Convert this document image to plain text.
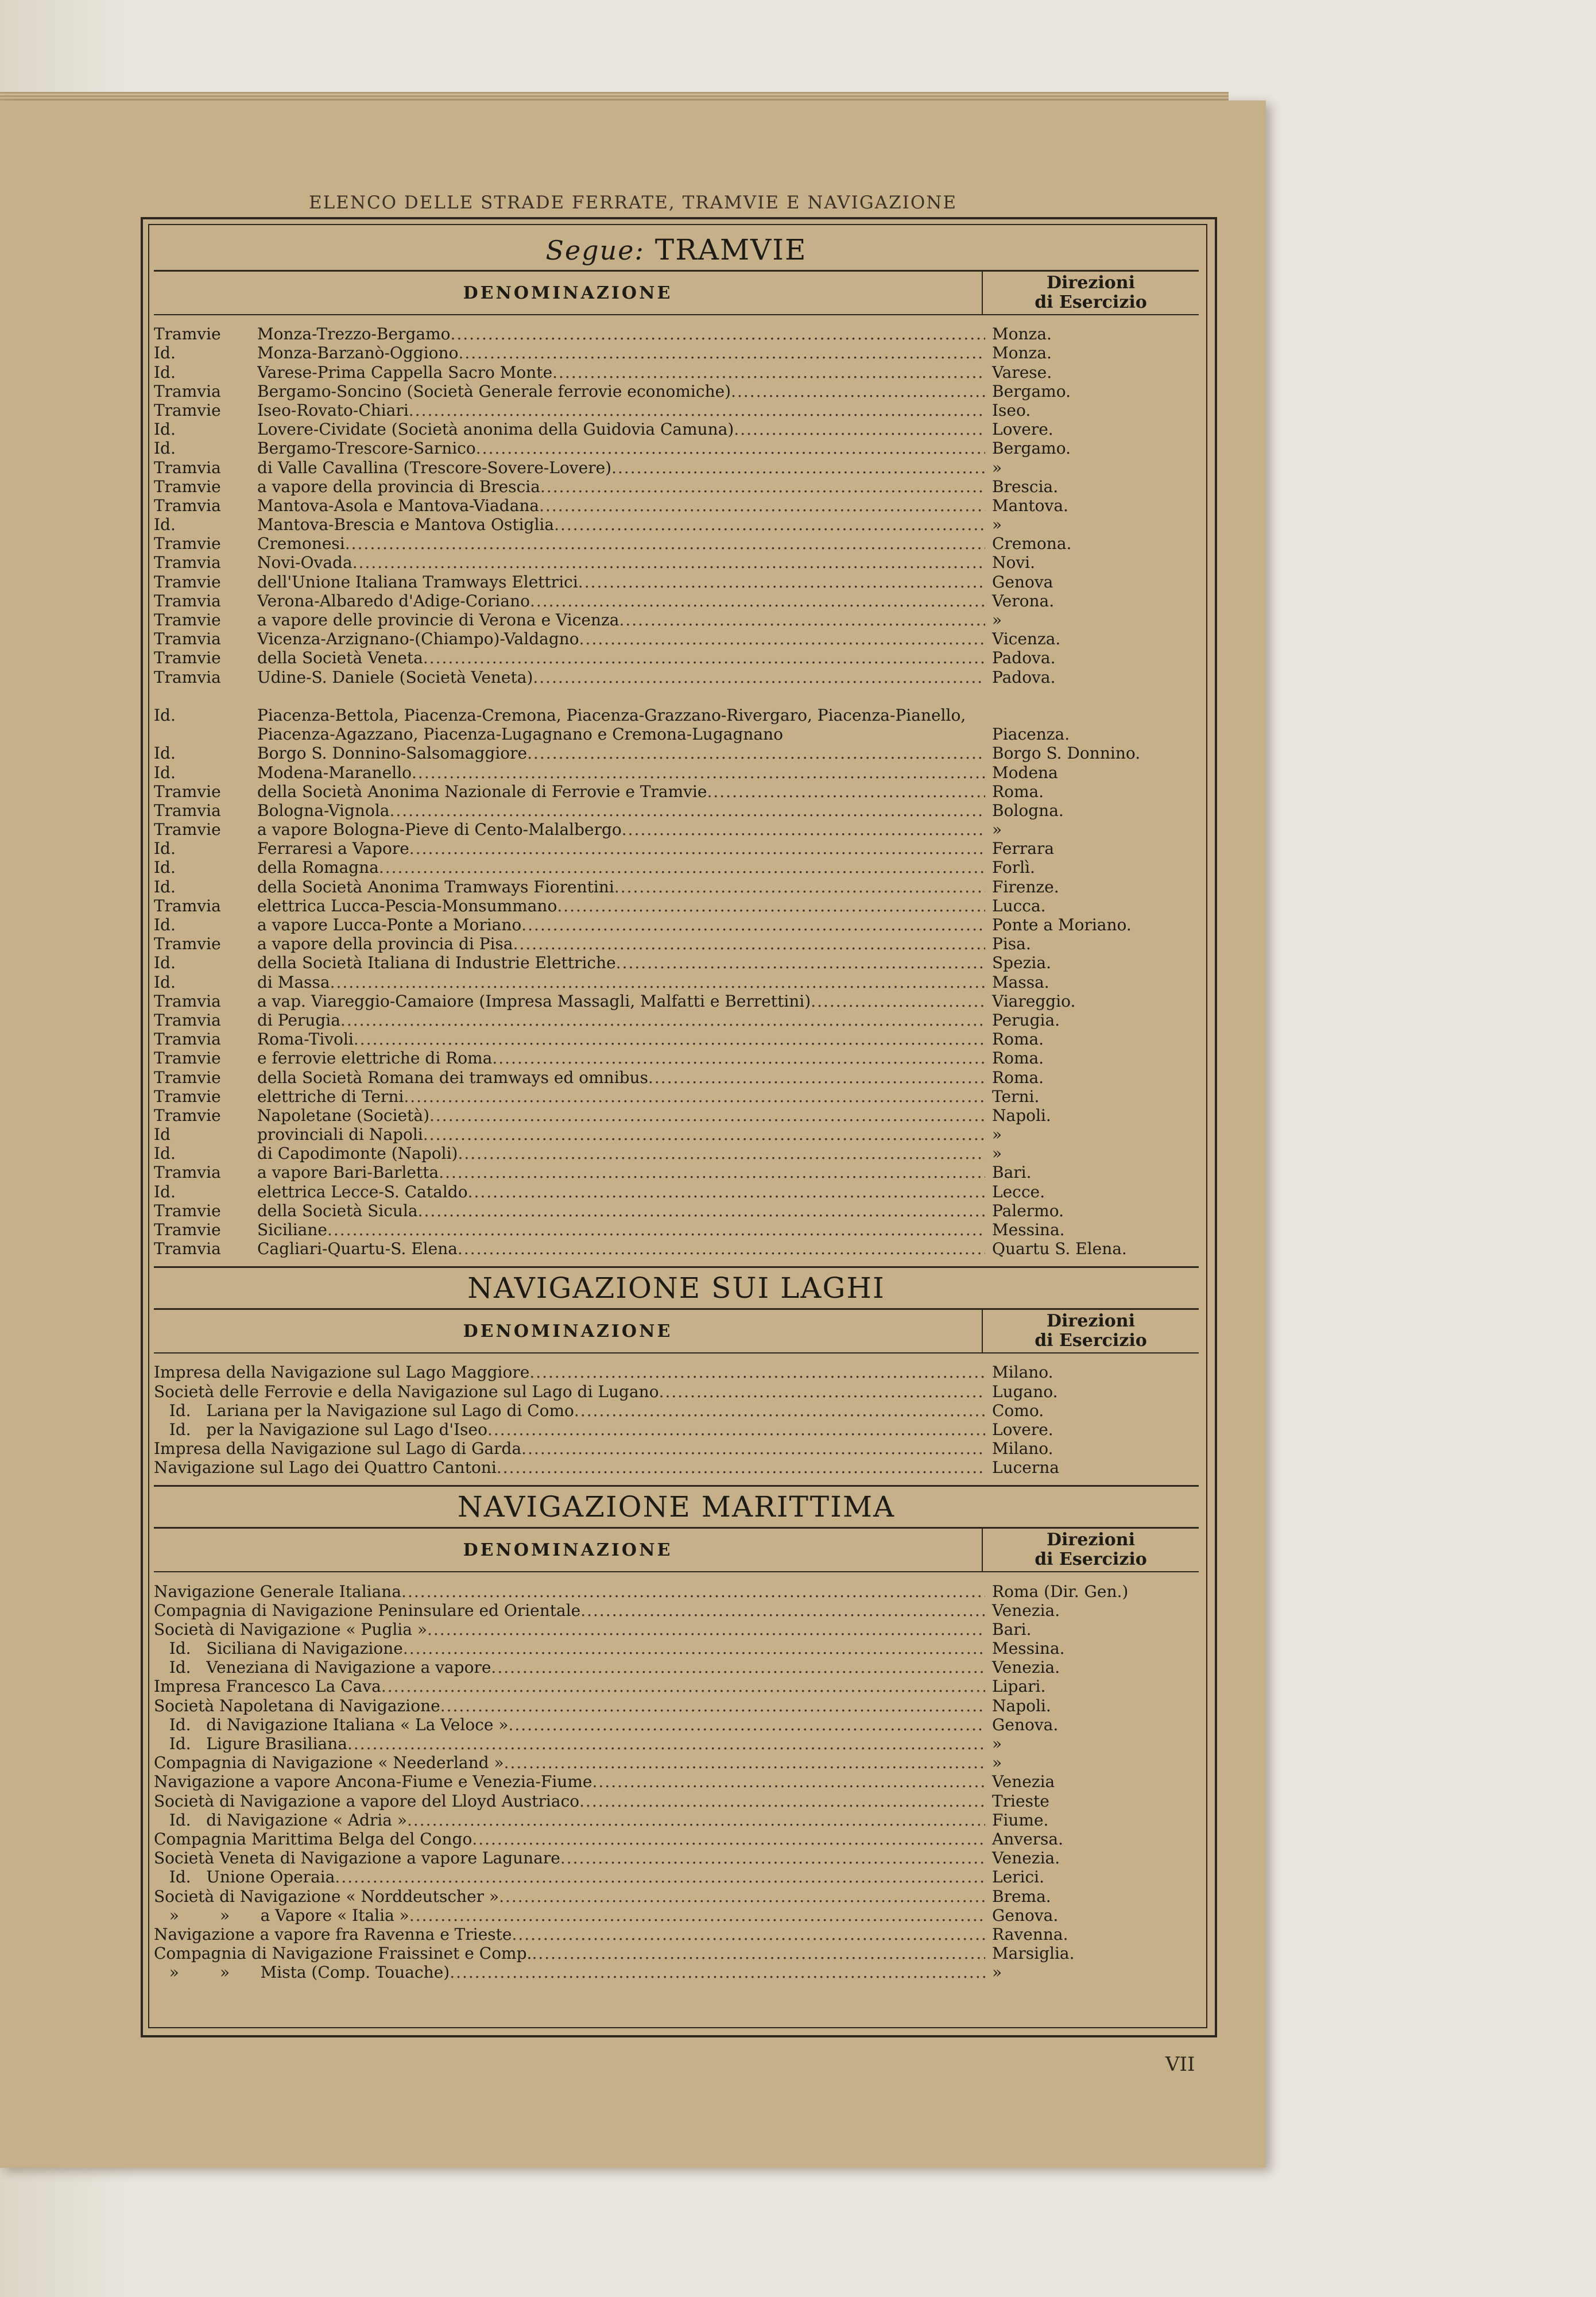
ELENCO DELLE STRADE FERRATE, TRAMVIE E NAVIGAZIONE
Segue: TRAMVIE
DENOMINAZIONE	Direzioni
di Esercizio
Tramvie	Monza-Trezzo-Bergamo .....	Monza.
Id.	Monza-Barzanò-Oggiono .....	Monza.
Id.	Varese-Prima Cappella Sacro Monte .....	Varese.
Tramvia	Bergamo-Soncino (Società Generale ferrovie economiche) .....	Bergamo.
Tramvie	Iseo-Rovato-Chiari .....	Iseo.
Id.	Lovere-Cividate (Società anonima della Guidovia Camuna) .....	Lovere.
Id.	Bergamo-Trescore-Sarnico .....	Bergamo.
Tramvia	di Valle Cavallina (Trescore-Sovere-Lovere) .....	»
Tramvie	a vapore della provincia di Brescia .....	Brescia.
Tramvia	Mantova-Asola e Mantova-Viadana .....	Mantova.
Id.	Mantova-Brescia e Mantova Ostiglia .....	»
Tramvie	Cremonesi .....	Cremona.
Tramvia	Novi-Ovada .....	Novi.
Tramvie	dell'Unione Italiana Tramways Elettrici .....	Genova
Tramvia	Verona-Albaredo d'Adige-Coriano .....	Verona.
Tramvie	a vapore delle provincie di Verona e Vicenza .....	»
Tramvia	Vicenza-Arzignano-(Chiampo)-Valdagno .....	Vicenza.
Tramvie	della Società Veneta .....	Padova.
Tramvia	Udine-S. Daniele (Società Veneta) .....	Padova.
Id.	Piacenza-Bettola, Piacenza-Cremona, Piacenza-Grazzano-Rivergaro, Piacenza-Pianello, Piacenza-Agazzano, Piacenza-Lugagnano e Cremona-Lugagnano	Piacenza.
Id.	Borgo S. Donnino-Salsomaggiore .....	Borgo S. Donnino.
Id.	Modena-Maranello .....	Modena
Tramvie	della Società Anonima Nazionale di Ferrovie e Tramvie .....	Roma.
Tramvia	Bologna-Vignola .....	Bologna.
Tramvie	a vapore Bologna-Pieve di Cento-Malalbergo .....	»
Id.	Ferraresi a Vapore .....	Ferrara
Id.	della Romagna .....	Forlì.
Id.	della Società Anonima Tramways Fiorentini .....	Firenze.
Tramvia	elettrica Lucca-Pescia-Monsummano .....	Lucca.
Id.	a vapore Lucca-Ponte a Moriano .....	Ponte a Moriano.
Tramvie	a vapore della provincia di Pisa .....	Pisa.
Id.	della Società Italiana di Industrie Elettriche .....	Spezia.
Id.	di Massa .....	Massa.
Tramvia	a vap. Viareggio-Camaiore (Impresa Massagli, Malfatti e Berrettini) .....	Viareggio.
Tramvia	di Perugia .....	Perugia.
Tramvia	Roma-Tivoli .....	Roma.
Tramvie	e ferrovie elettriche di Roma .....	Roma.
Tramvie	della Società Romana dei tramways ed omnibus .....	Roma.
Tramvie	elettriche di Terni .....	Terni.
Tramvie	Napoletane (Società) .....	Napoli.
Id	provinciali di Napoli .....	»
Id.	di Capodimonte (Napoli) .....	»
Tramvia	a vapore Bari-Barletta .....	Bari.
Id.	elettrica Lecce-S. Cataldo .....	Lecce.
Tramvie	della Società Sicula .....	Palermo.
Tramvie	Siciliane .....	Messina.
Tramvia	Cagliari-Quartu-S. Elena .....	Quartu S. Elena.
NAVIGAZIONE SUI LAGHI
DENOMINAZIONE	Direzioni
di Esercizio
Impresa della Navigazione sul Lago Maggiore .....	Milano.
Società delle Ferrovie e della Navigazione sul Lago di Lugano .....	Lugano.
Id.   Lariana per la Navigazione sul Lago di Como .....	Como.
Id.   per la Navigazione sul Lago d'Iseo .....	Lovere.
Impresa della Navigazione sul Lago di Garda .....	Milano.
Navigazione sul Lago dei Quattro Cantoni .....	Lucerna
NAVIGAZIONE MARITTIMA
DENOMINAZIONE	Direzioni
di Esercizio
Navigazione Generale Italiana .....	Roma (Dir. Gen.)
Compagnia di Navigazione Peninsulare ed Orientale .....	Venezia.
Società di Navigazione « Puglia » .....	Bari.
Id.   Siciliana di Navigazione .....	Messina.
Id.   Veneziana di Navigazione a vapore .....	Venezia.
Impresa Francesco La Cava .....	Lipari.
Società Napoletana di Navigazione .....	Napoli.
Id.   di Navigazione Italiana « La Veloce » .....	Genova.
Id.   Ligure Brasiliana .....	»
Compagnia di Navigazione « Neederland » .....	»
Navigazione a vapore Ancona-Fiume e Venezia-Fiume .....	Venezia
Società di Navigazione a vapore del Lloyd Austriaco .....	Trieste
Id.   di Navigazione « Adria » .....	Fiume.
Compagnia Marittima Belga del Congo .....	Anversa.
Società Veneta di Navigazione a vapore Lagunare .....	Venezia.
Id.   Unione Operaia .....	Lerici.
Società di Navigazione « Norddeutscher » .....	Brema.
»        »      a Vapore « Italia » .....	Genova.
Navigazione a vapore fra Ravenna e Trieste .....	Ravenna.
Compagnia di Navigazione Fraissinet e Comp. .....	Marsiglia.
»        »      Mista (Comp. Touache) .....	»
VII
